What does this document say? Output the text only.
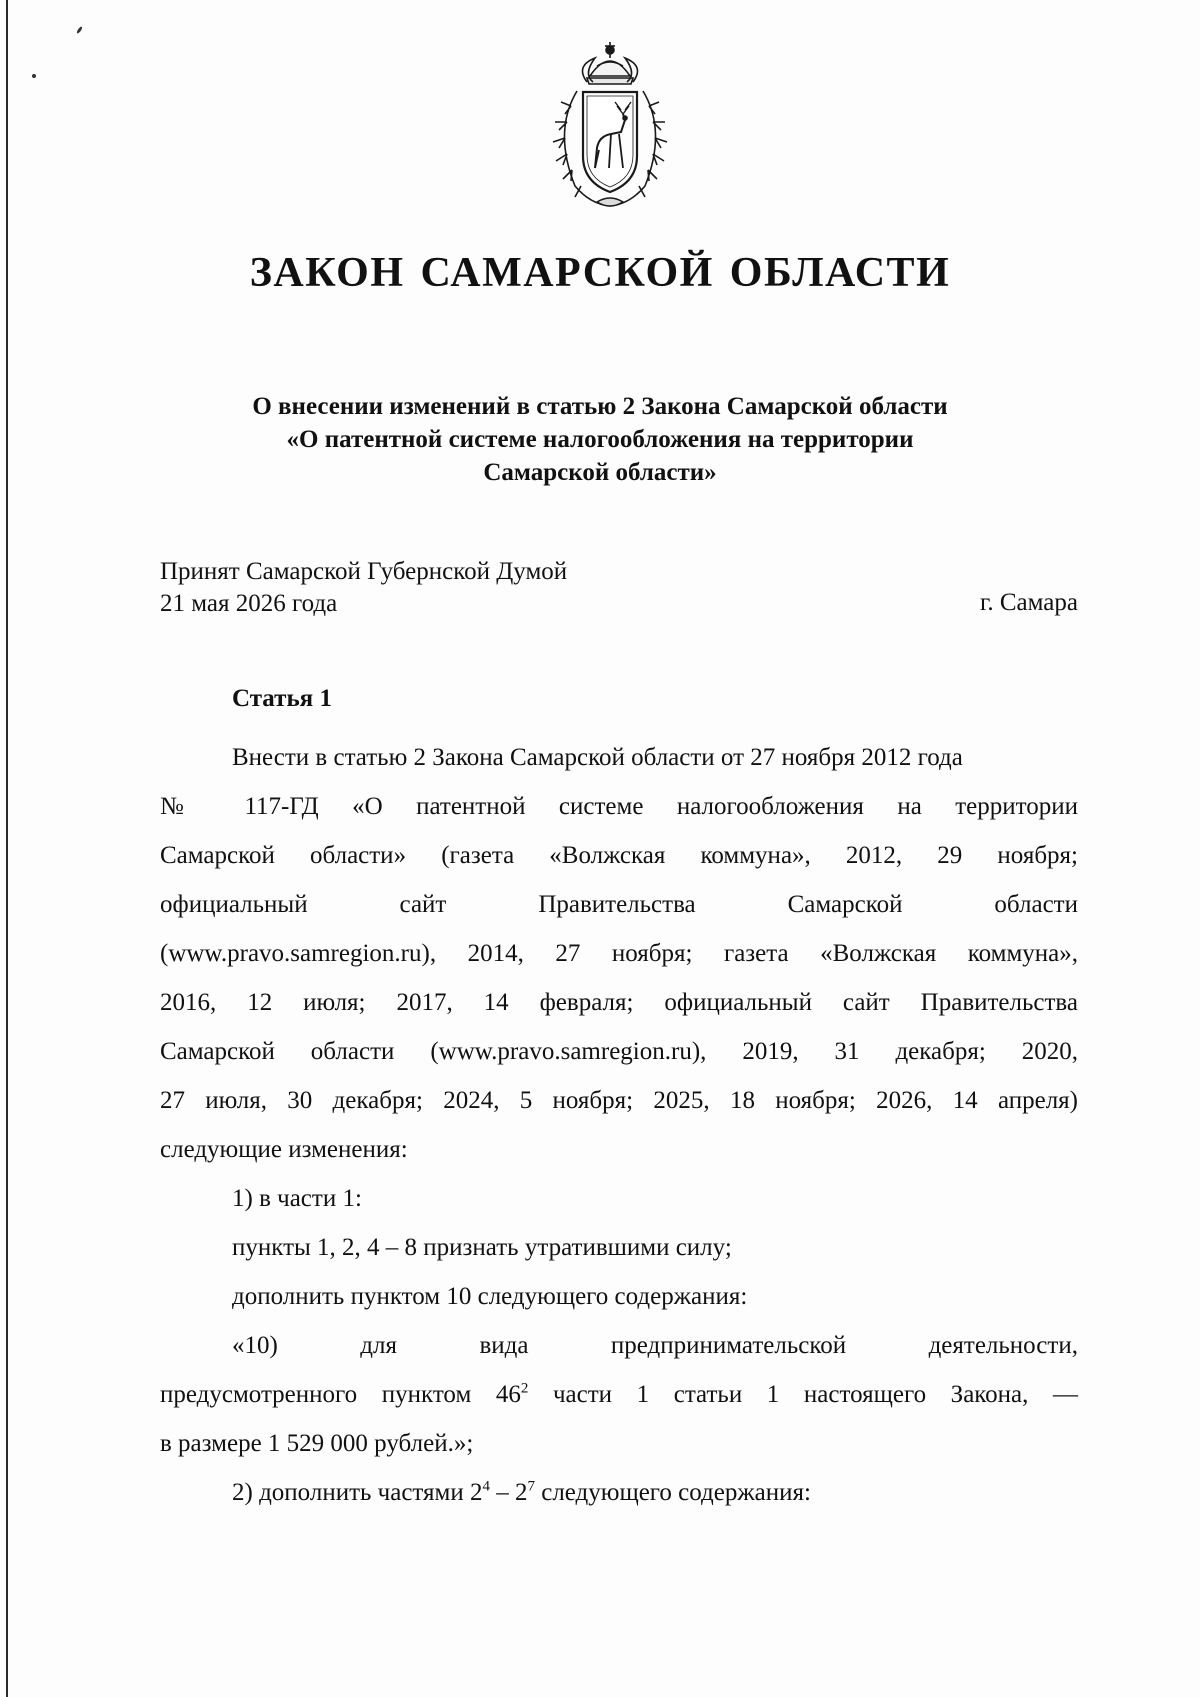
ЗАКОН САМАРСКОЙ ОБЛАСТИ
О внесении изменений в статью 2 Закона Самарской области
«О патентной системе налогообложения на территории
Самарской области»
Принят Самарской Губернской Думой
21 мая 2026 года	г. Самара
Статья 1
Внести в статью 2 Закона Самарской области от 27 ноября 2012 года
№ 117-ГД «О патентной системе налогообложения на территории
Самарской области» (газета «Волжская коммуна», 2012, 29 ноября;
официальный	сайт	Правительства	Самарской	области
(www.pravo.samregion.ru), 2014, 27 ноября; газета «Волжская коммуна»,
2016, 12 июля; 2017, 14 февраля; официальный сайт Правительства
Самарской области (www.pravo.samregion.ru), 2019, 31 декабря; 2020,
27 июля, 30 декабря; 2024, 5 ноября; 2025, 18 ноября; 2026, 14 апреля)
следующие изменения:
1) в части 1:
пункты 1, 2, 4 – 8 признать утратившими силу;
дополнить пунктом 10 следующего содержания:
«10)	для	вида	предпринимательской	деятельности,
предусмотренного пунктом $46^2$ части 1 статьи 1 настоящего Закона, —
в размере 1 529 000 рублей.»;
2) дополнить частями $2^4 - 2^7$ следующего содержания:
